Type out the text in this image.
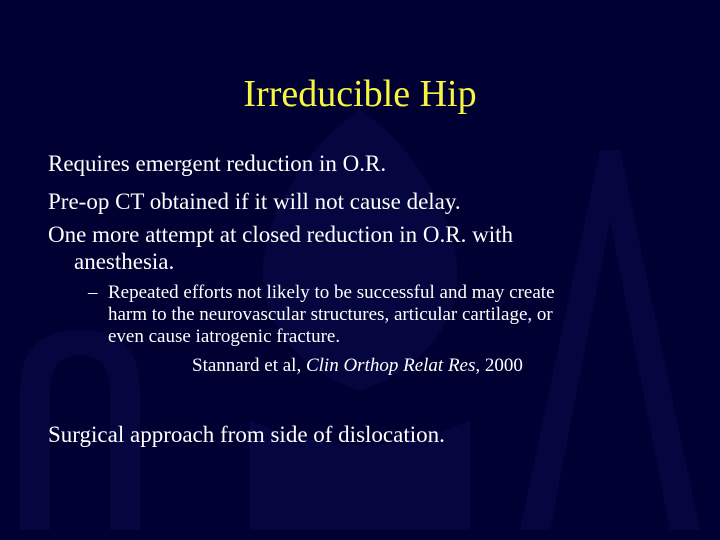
Irreducible Hip
Requires emergent reduction in O.R.
Pre-op CT obtained if it will not cause delay.
One more attempt at closed reduction in O.R. with
anesthesia.
– Repeated efforts not likely to be successful and may create
harm to the neurovascular structures, articular cartilage, or
even cause iatrogenic fracture.
Stannard et al, Clin Orthop Relat Res, 2000
Surgical approach from side of dislocation.
